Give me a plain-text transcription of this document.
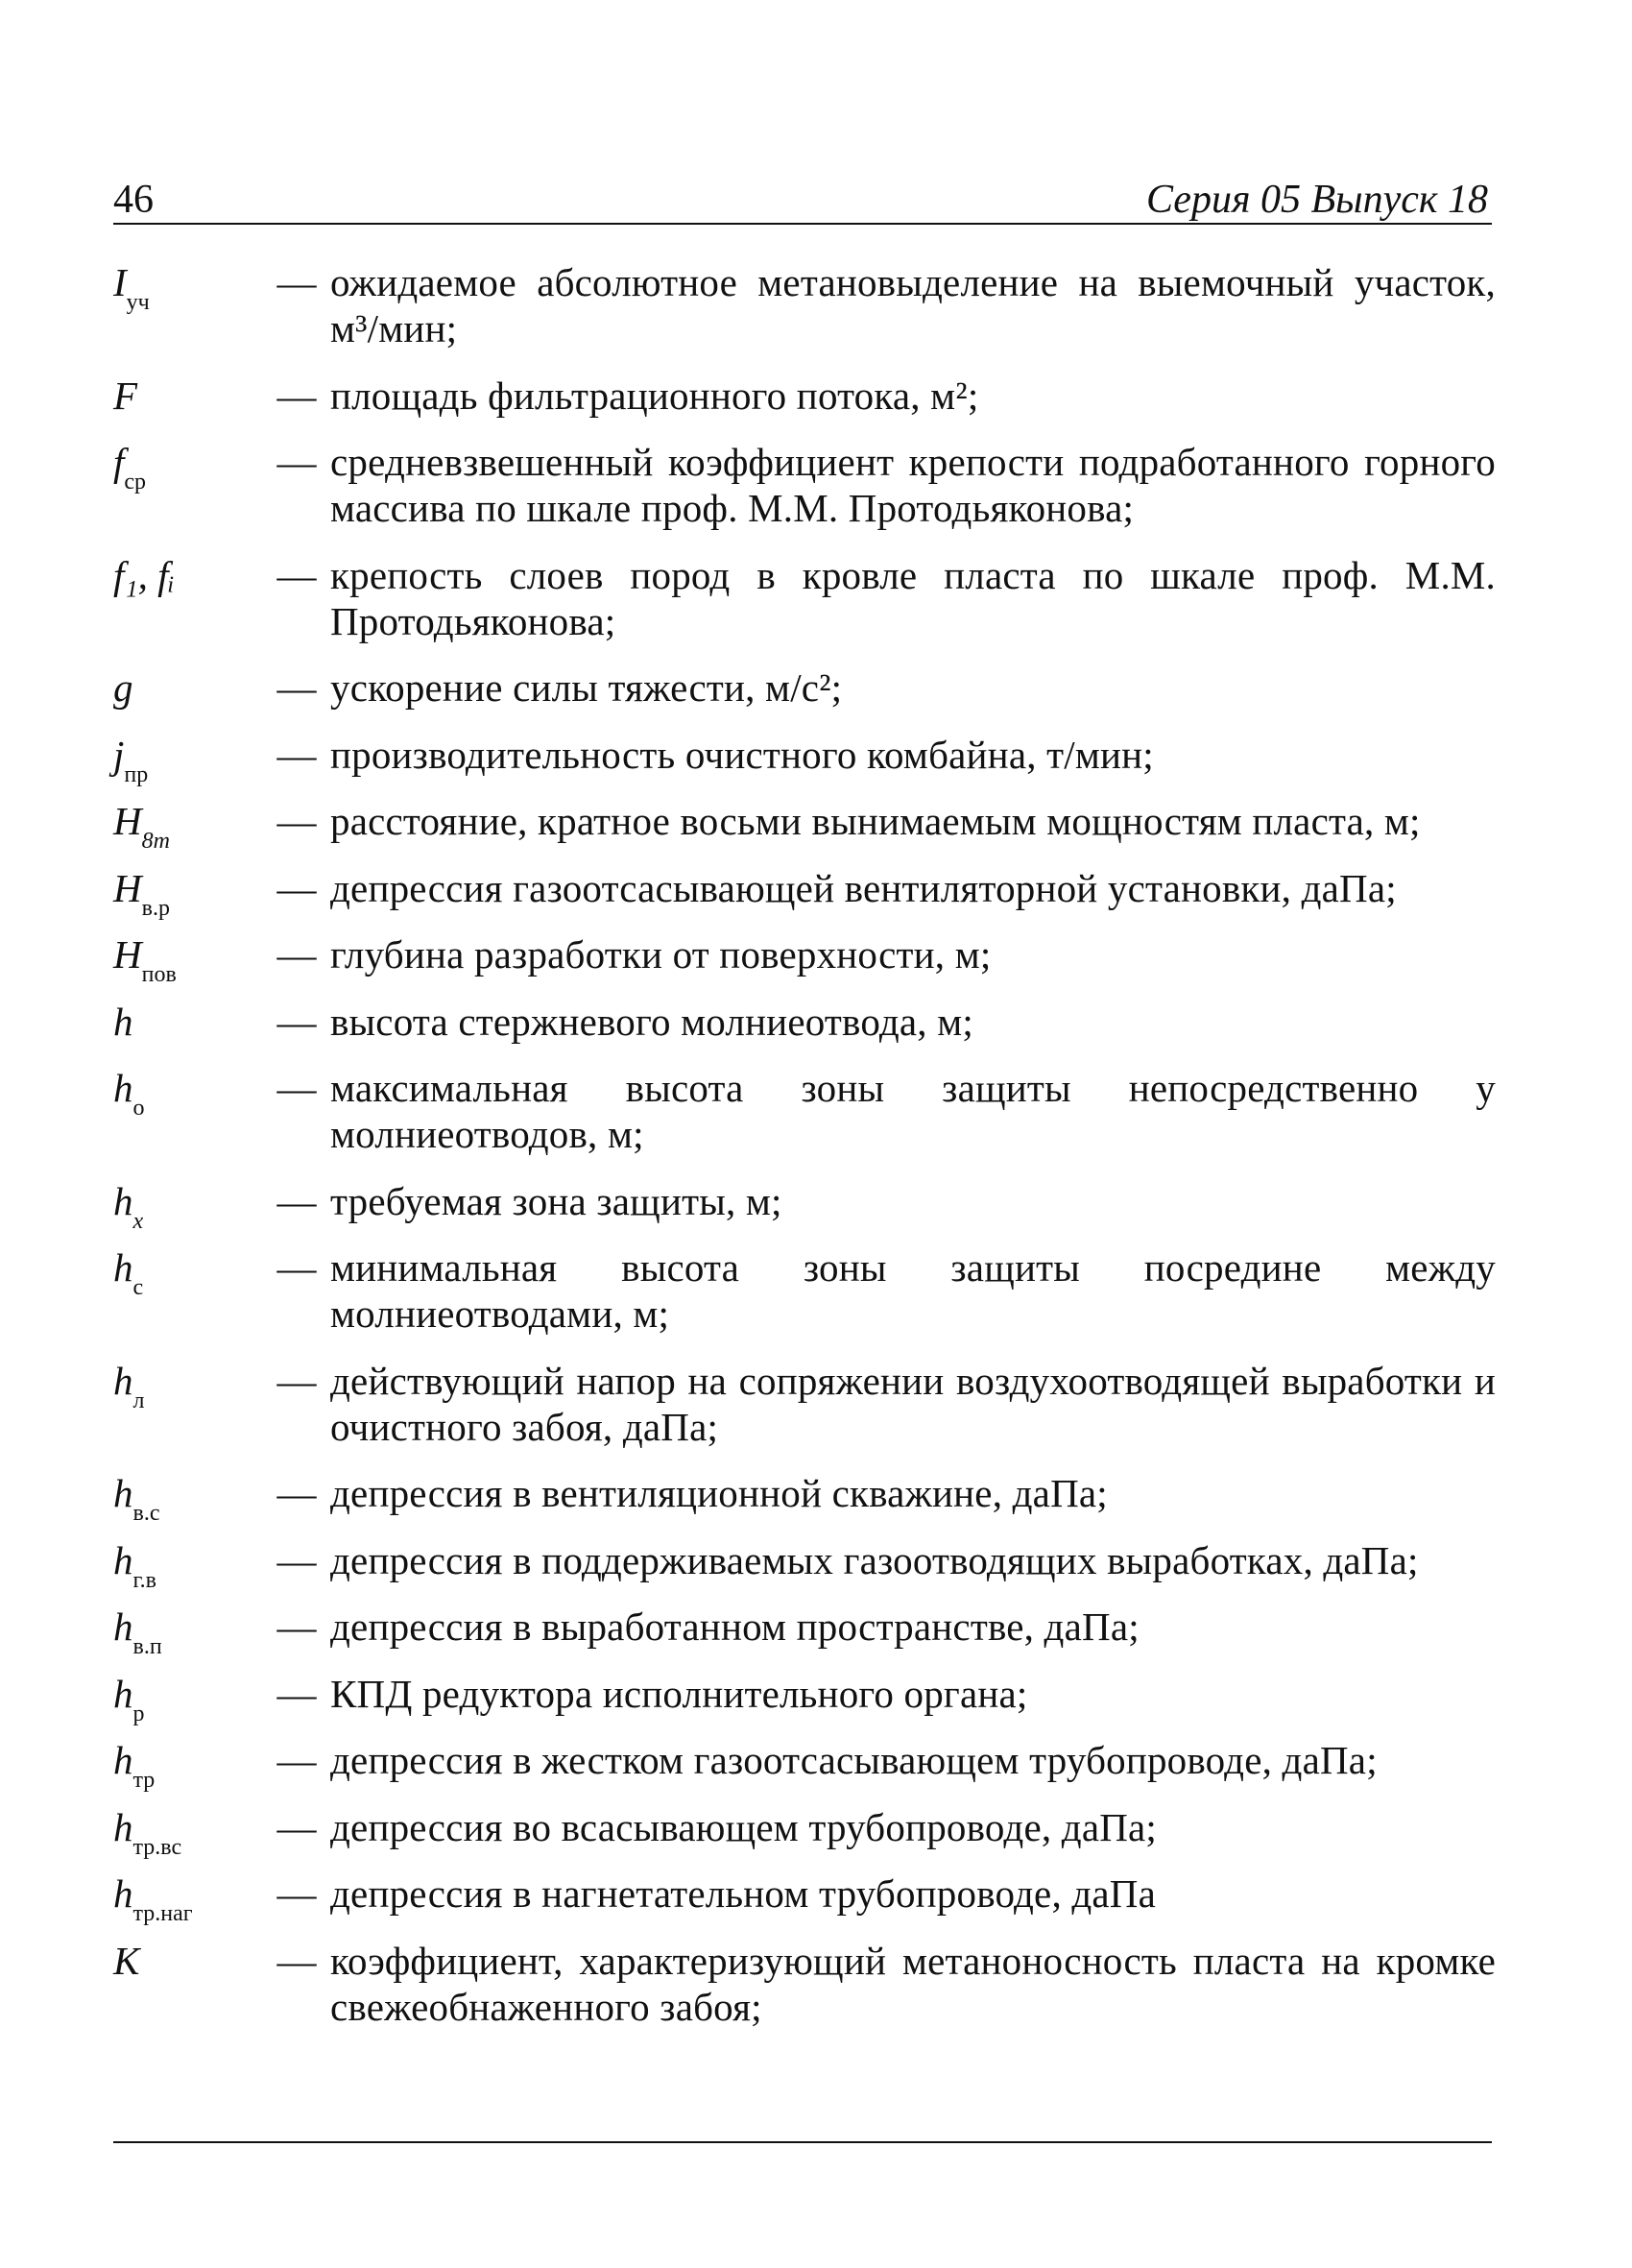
46	Серия 05 Выпуск 18
$I_{уч}$	— ожидаемое абсолютное метановыделение на выемочный участок, м³/мин;
F	— площадь фильтрационного потока, м²;
$f_{ср}$	— средневзвешенный коэффициент крепости подработанного горного массива по шкале проф. М.М. Протодьяконова;
f₁, fᵢ	— крепость слоев пород в кровле пласта по шкале проф. М.М. Протодьяконова;
g	— ускорение силы тяжести, м/с²;
$j_{пр}$	— производительность очистного комбайна, т/мин;
$H_{8m}$	— расстояние, кратное восьми вынимаемым мощностям пласта, м;
$H_{в.р}$	— депрессия газоотсасывающей вентиляторной установки, даПа;
$H_{пов}$	— глубина разработки от поверхности, м;
h	— высота стержневого молниеотвода, м;
$h_о$	— максимальная высота зоны защиты непосредственно у молниеотводов, м;
$h_x$	— требуемая зона защиты, м;
$h_с$	— минимальная высота зоны защиты посредине между молниеотводами, м;
$h_л$	— действующий напор на сопряжении воздухоотводящей выработки и очистного забоя, даПа;
$h_{в.с}$	— депрессия в вентиляционной скважине, даПа;
$h_{г.в}$	— депрессия в поддерживаемых газоотводящих выработках, даПа;
$h_{в.п}$	— депрессия в выработанном пространстве, даПа;
$h_р$	— КПД редуктора исполнительного органа;
$h_{тр}$	— депрессия в жестком газоотсасывающем трубопроводе, даПа;
$h_{тр.вс}$	— депрессия во всасывающем трубопроводе, даПа;
$h_{тр.наг}$	— депрессия в нагнетательном трубопроводе, даПа
K	— коэффициент, характеризующий метаноносность пласта на кромке свежеобнаженного забоя;
